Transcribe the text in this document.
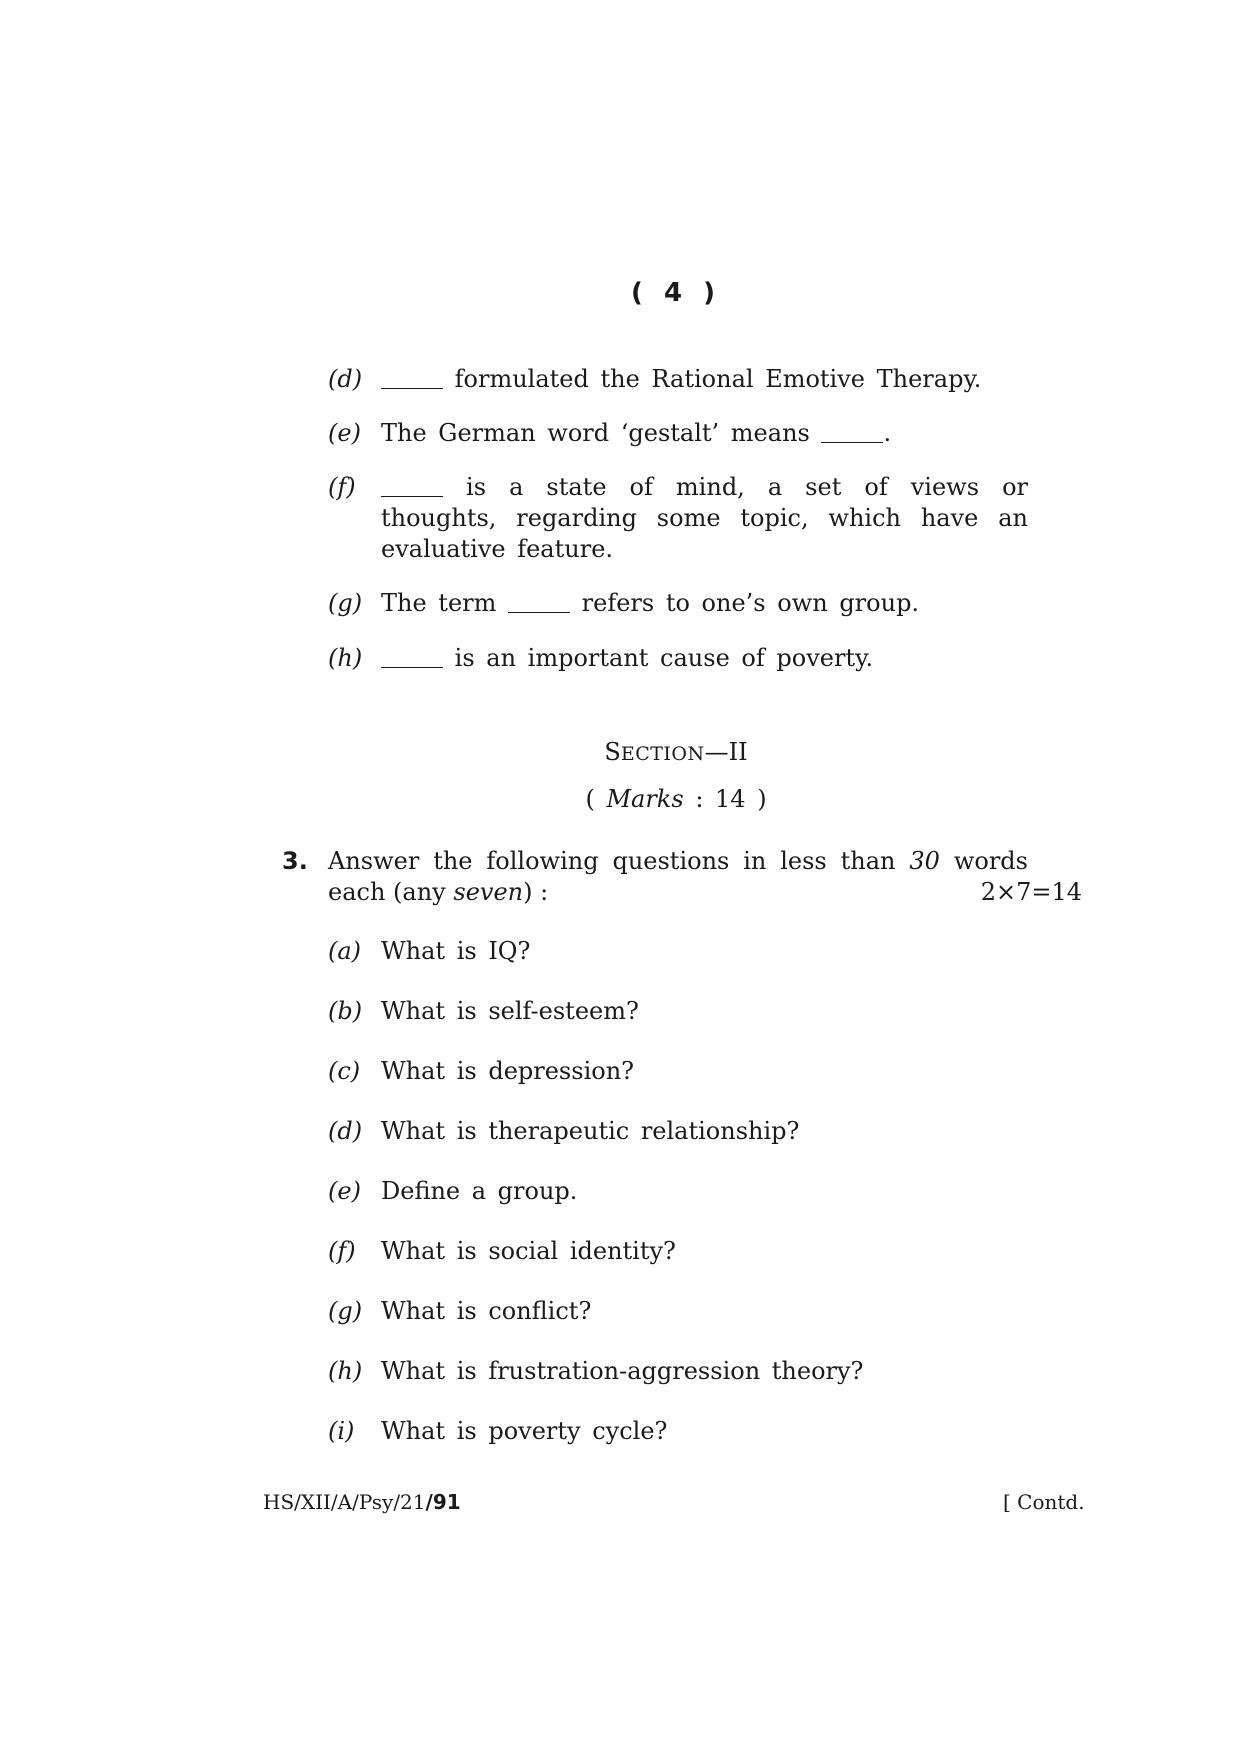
( 4 )
(d)	formulated the Rational Emotive Therapy.
(e) The German word ‘gestalt’ means	.
(f)	is a state of mind, a set of views or thoughts, regarding some topic, which have an evaluative feature.
(g) The term	refers to one’s own group.
(h)	is an important cause of poverty.
SECTION—II
( Marks : 14 )
3. Answer the following questions in less than 30 words
each (any seven) :	2×7=14
(a) What is IQ?
(b) What is self-esteem?
(c) What is depression?
(d) What is therapeutic relationship?
(e) Define a group.
(f) What is social identity?
(g) What is conflict?
(h) What is frustration-aggression theory?
(i) What is poverty cycle?
HS/XII/A/Psy/21/91	[ Contd.
